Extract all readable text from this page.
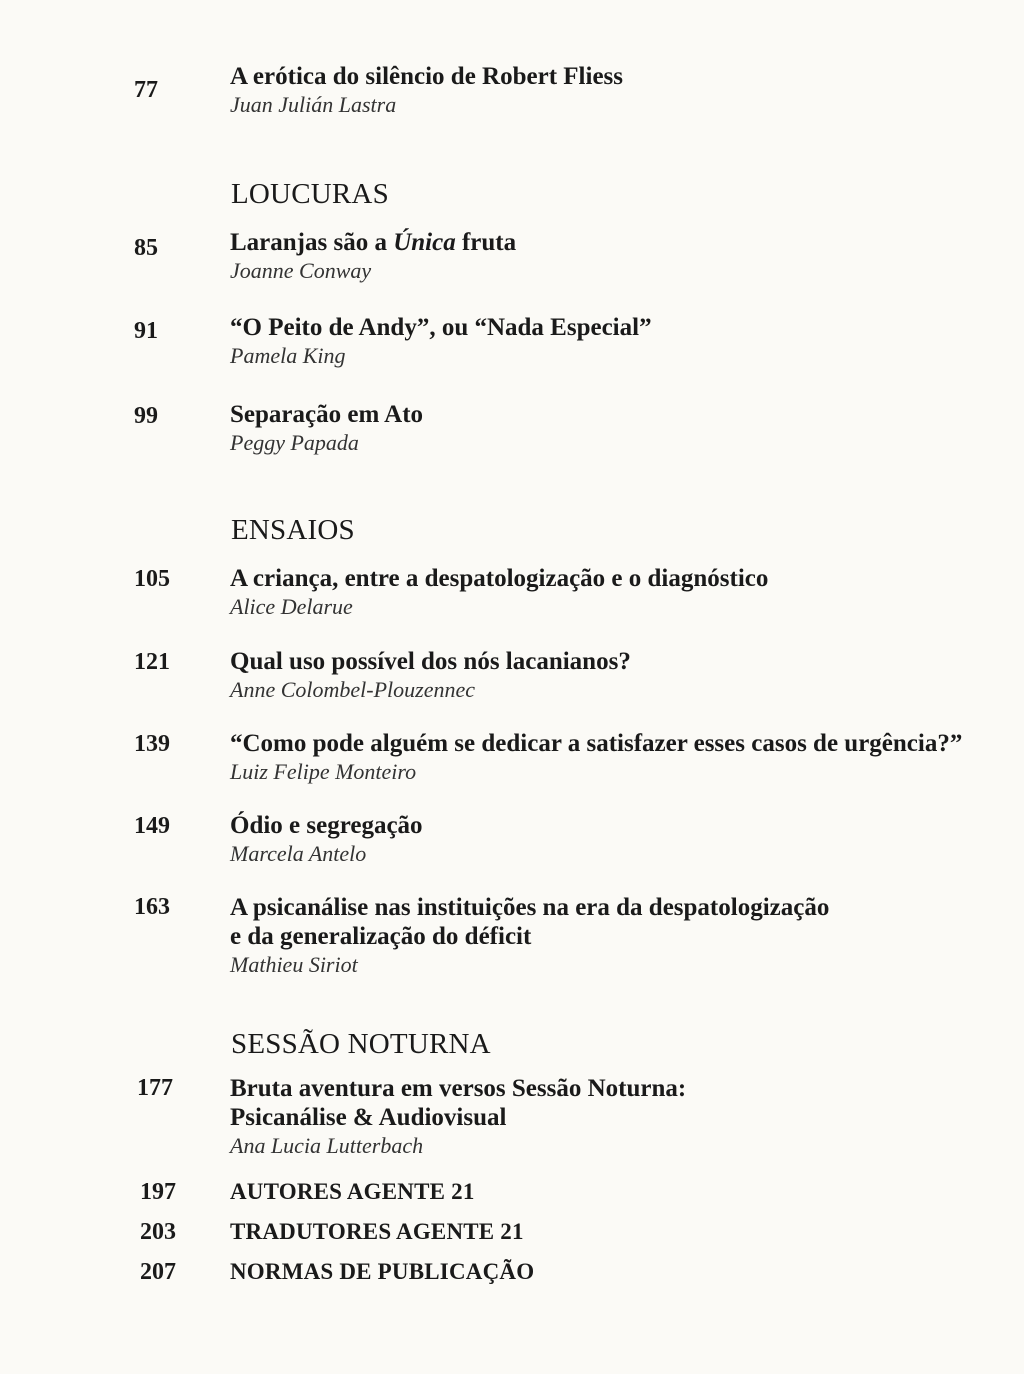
77	A erótica do silêncio de Robert Fliess
Juan Julián Lastra
LOUCURAS
85	Laranjas são a Única fruta
Joanne Conway
91	“O Peito de Andy”, ou “Nada Especial”
Pamela King
99	Separação em Ato
Peggy Papada
ENSAIOS
105	A criança, entre a despatologização e o diagnóstico
Alice Delarue
121	Qual uso possível dos nós lacanianos?
Anne Colombel-Plouzennec
139	“Como pode alguém se dedicar a satisfazer esses casos de urgência?”
Luiz Felipe Monteiro
149	Ódio e segregação
Marcela Antelo
163	A psicanálise nas instituições na era da despatologização
e da generalização do déficit
Mathieu Siriot
SESSÃO NOTURNA
177	Bruta aventura em versos Sessão Noturna:
Psicanálise & Audiovisual
Ana Lucia Lutterbach
197	AUTORES AGENTE 21
203	TRADUTORES AGENTE 21
207	NORMAS DE PUBLICAÇÃO
